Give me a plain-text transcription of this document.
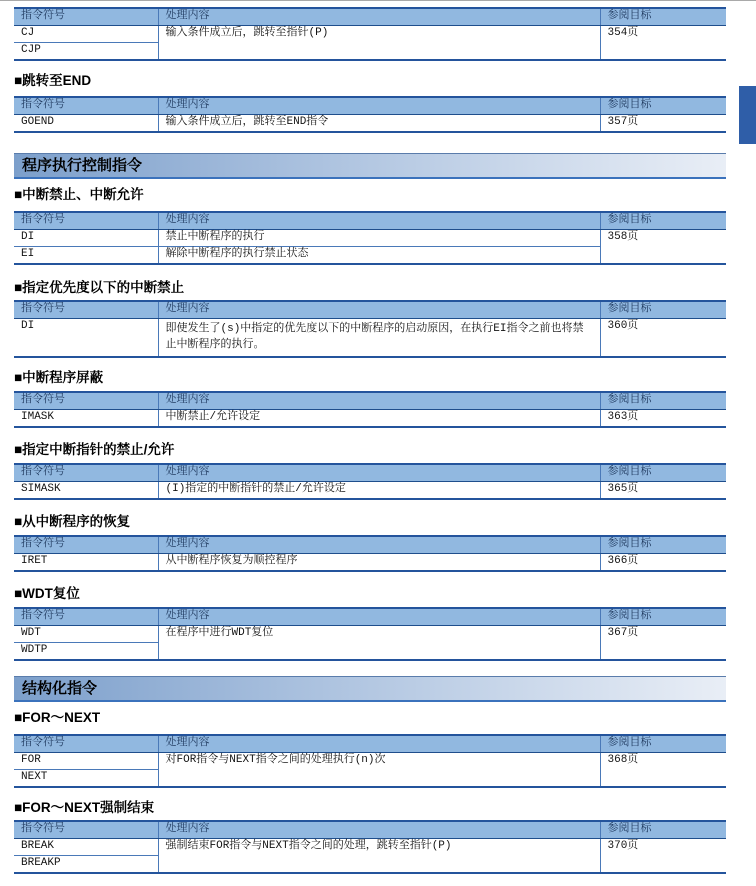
指令符号	处理内容	参阅目标
CJ	输入条件成立后，跳转至指针(P)	354页
CJP		
■跳转至END
指令符号	处理内容	参阅目标
GOEND	输入条件成立后，跳转至END指令	357页
程序执行控制指令
■中断禁止、中断允许
指令符号	处理内容	参阅目标
DI	禁止中断程序的执行	358页
EI	解除中断程序的执行禁止状态	
■指定优先度以下的中断禁止
指令符号	处理内容	参阅目标
DI	即使发生了(s)中指定的优先度以下的中断程序的启动原因，在执行EI指令之前也将禁止中断程序的执行。	360页
■中断程序屏蔽
指令符号	处理内容	参阅目标
IMASK	中断禁止/允许设定	363页
■指定中断指针的禁止/允许
指令符号	处理内容	参阅目标
SIMASK	(I)指定的中断指针的禁止/允许设定	365页
■从中断程序的恢复
指令符号	处理内容	参阅目标
IRET	从中断程序恢复为顺控程序	366页
■WDT复位
指令符号	处理内容	参阅目标
WDT	在程序中进行WDT复位	367页
WDTP		
结构化指令
■FOR～NEXT
指令符号	处理内容	参阅目标
FOR	对FOR指令与NEXT指令之间的处理执行(n)次	368页
NEXT		
■FOR～NEXT强制结束
指令符号	处理内容	参阅目标
BREAK	强制结束FOR指令与NEXT指令之间的处理，跳转至指针(P)	370页
BREAKP		
